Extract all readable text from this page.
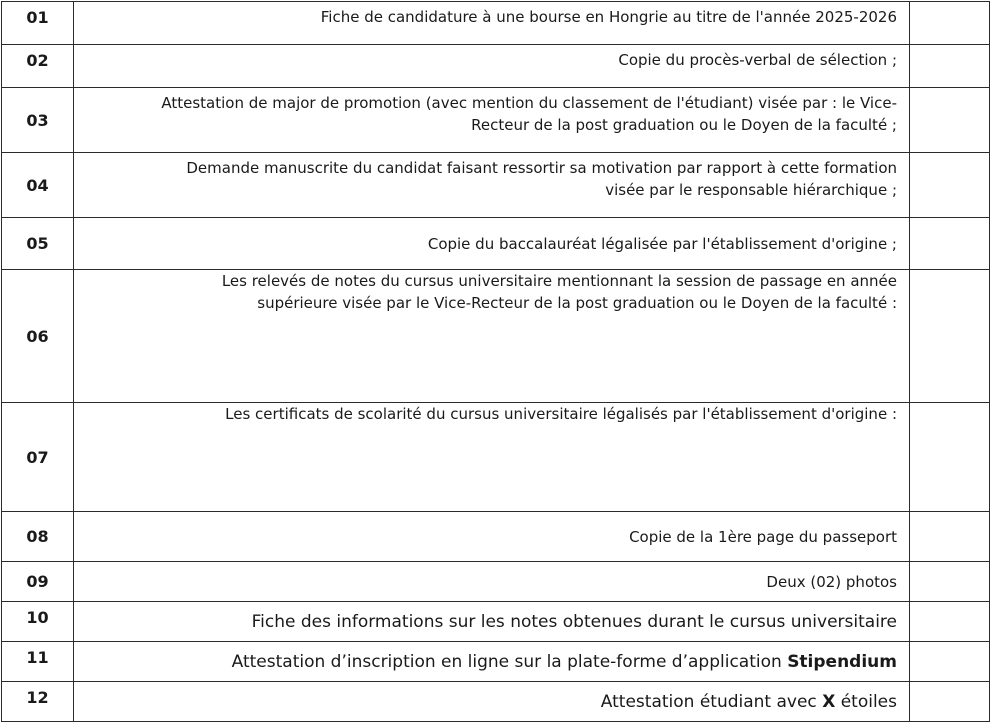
01	Fiche de candidature à une bourse en Hongrie au titre de l'année 2025-2026	

02	Copie du procès-verbal de sélection ;	

03	Attestation de major de promotion (avec mention du classement de l'étudiant) visée par : le Vice-
Recteur de la post graduation ou le Doyen de la faculté ;	

04	Demande manuscrite du candidat faisant ressortir sa motivation par rapport à cette formation
visée par le responsable hiérarchique ;	

05	Copie du baccalauréat légalisée par l'établissement d'origine ;	

06	Les relevés de notes du cursus universitaire mentionnant la session de passage en année
supérieure visée par le Vice-Recteur de la post graduation ou le Doyen de la faculté :	

07	Les certificats de scolarité du cursus universitaire légalisés par l'établissement d'origine :	

08	Copie de la 1ère page du passeport	

09	Deux (02) photos	

10	Fiche des informations sur les notes obtenues durant le cursus universitaire	

11	Attestation d’inscription en ligne sur la plate-forme d’application Stipendium	

12	Attestation étudiant avec X étoiles	
